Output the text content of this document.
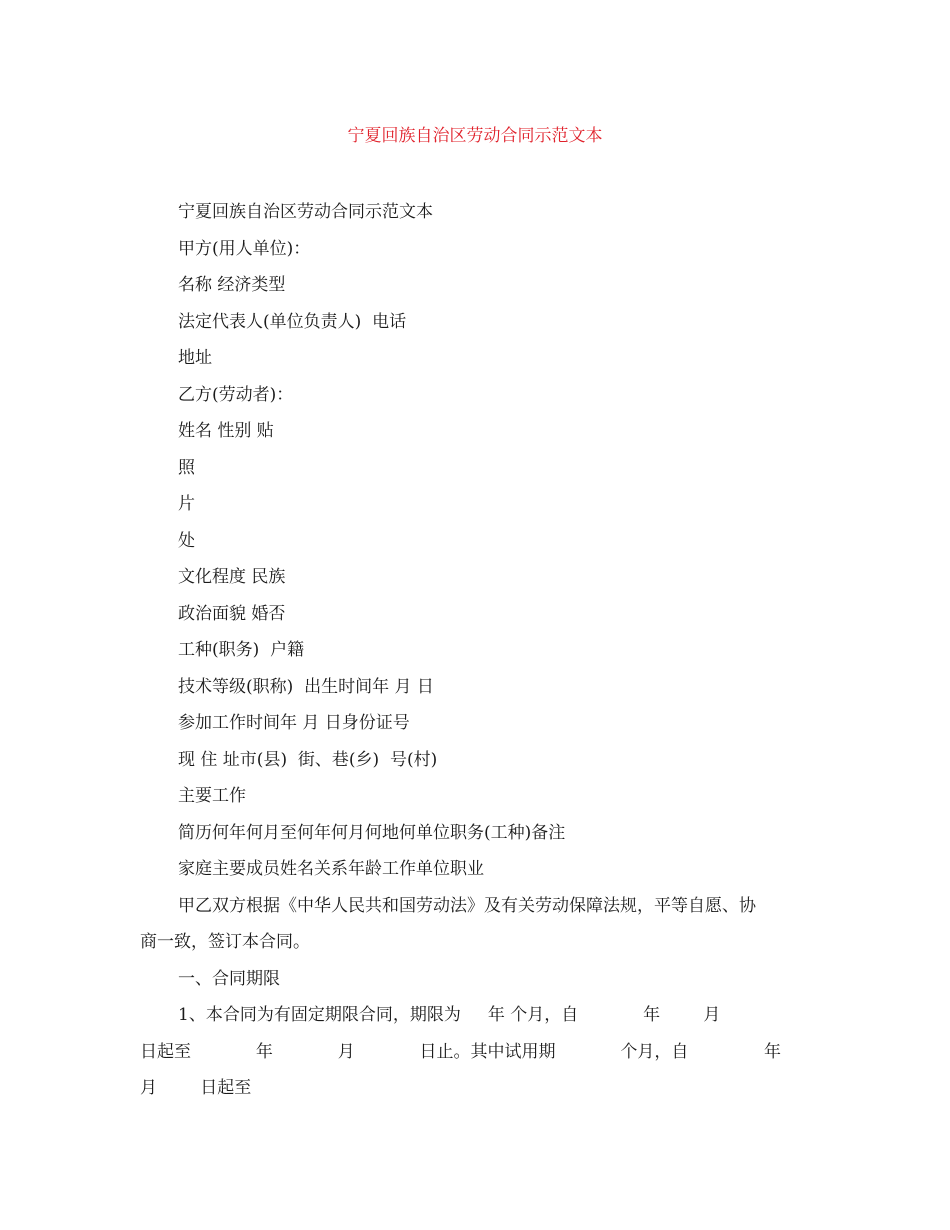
宁夏回族自治区劳动合同示范文本
宁夏回族自治区劳动合同示范文本
甲方(用人单位)：
名称 经济类型
法定代表人(单位负责人)  电话
地址
乙方(劳动者)：
姓名 性别 贴
照
片
处
文化程度 民族
政治面貌 婚否
工种(职务)  户籍
技术等级(职称)  出生时间年 月 日
参加工作时间年 月 日身份证号
现 住 址市(县)  街、巷(乡)  号(村)
主要工作
简历何年何月至何年何月何地何单位职务(工种)备注
家庭主要成员姓名关系年龄工作单位职业
甲乙双方根据《中华人民共和国劳动法》及有关劳动保障法规，平等自愿、协
商一致，签订本合同。
一、合同期限
1、本合同为有固定期限合同，期限为     年 个月，自            年        月
日起至            年            月            日止。其中试用期            个月，自              年
月        日起至
